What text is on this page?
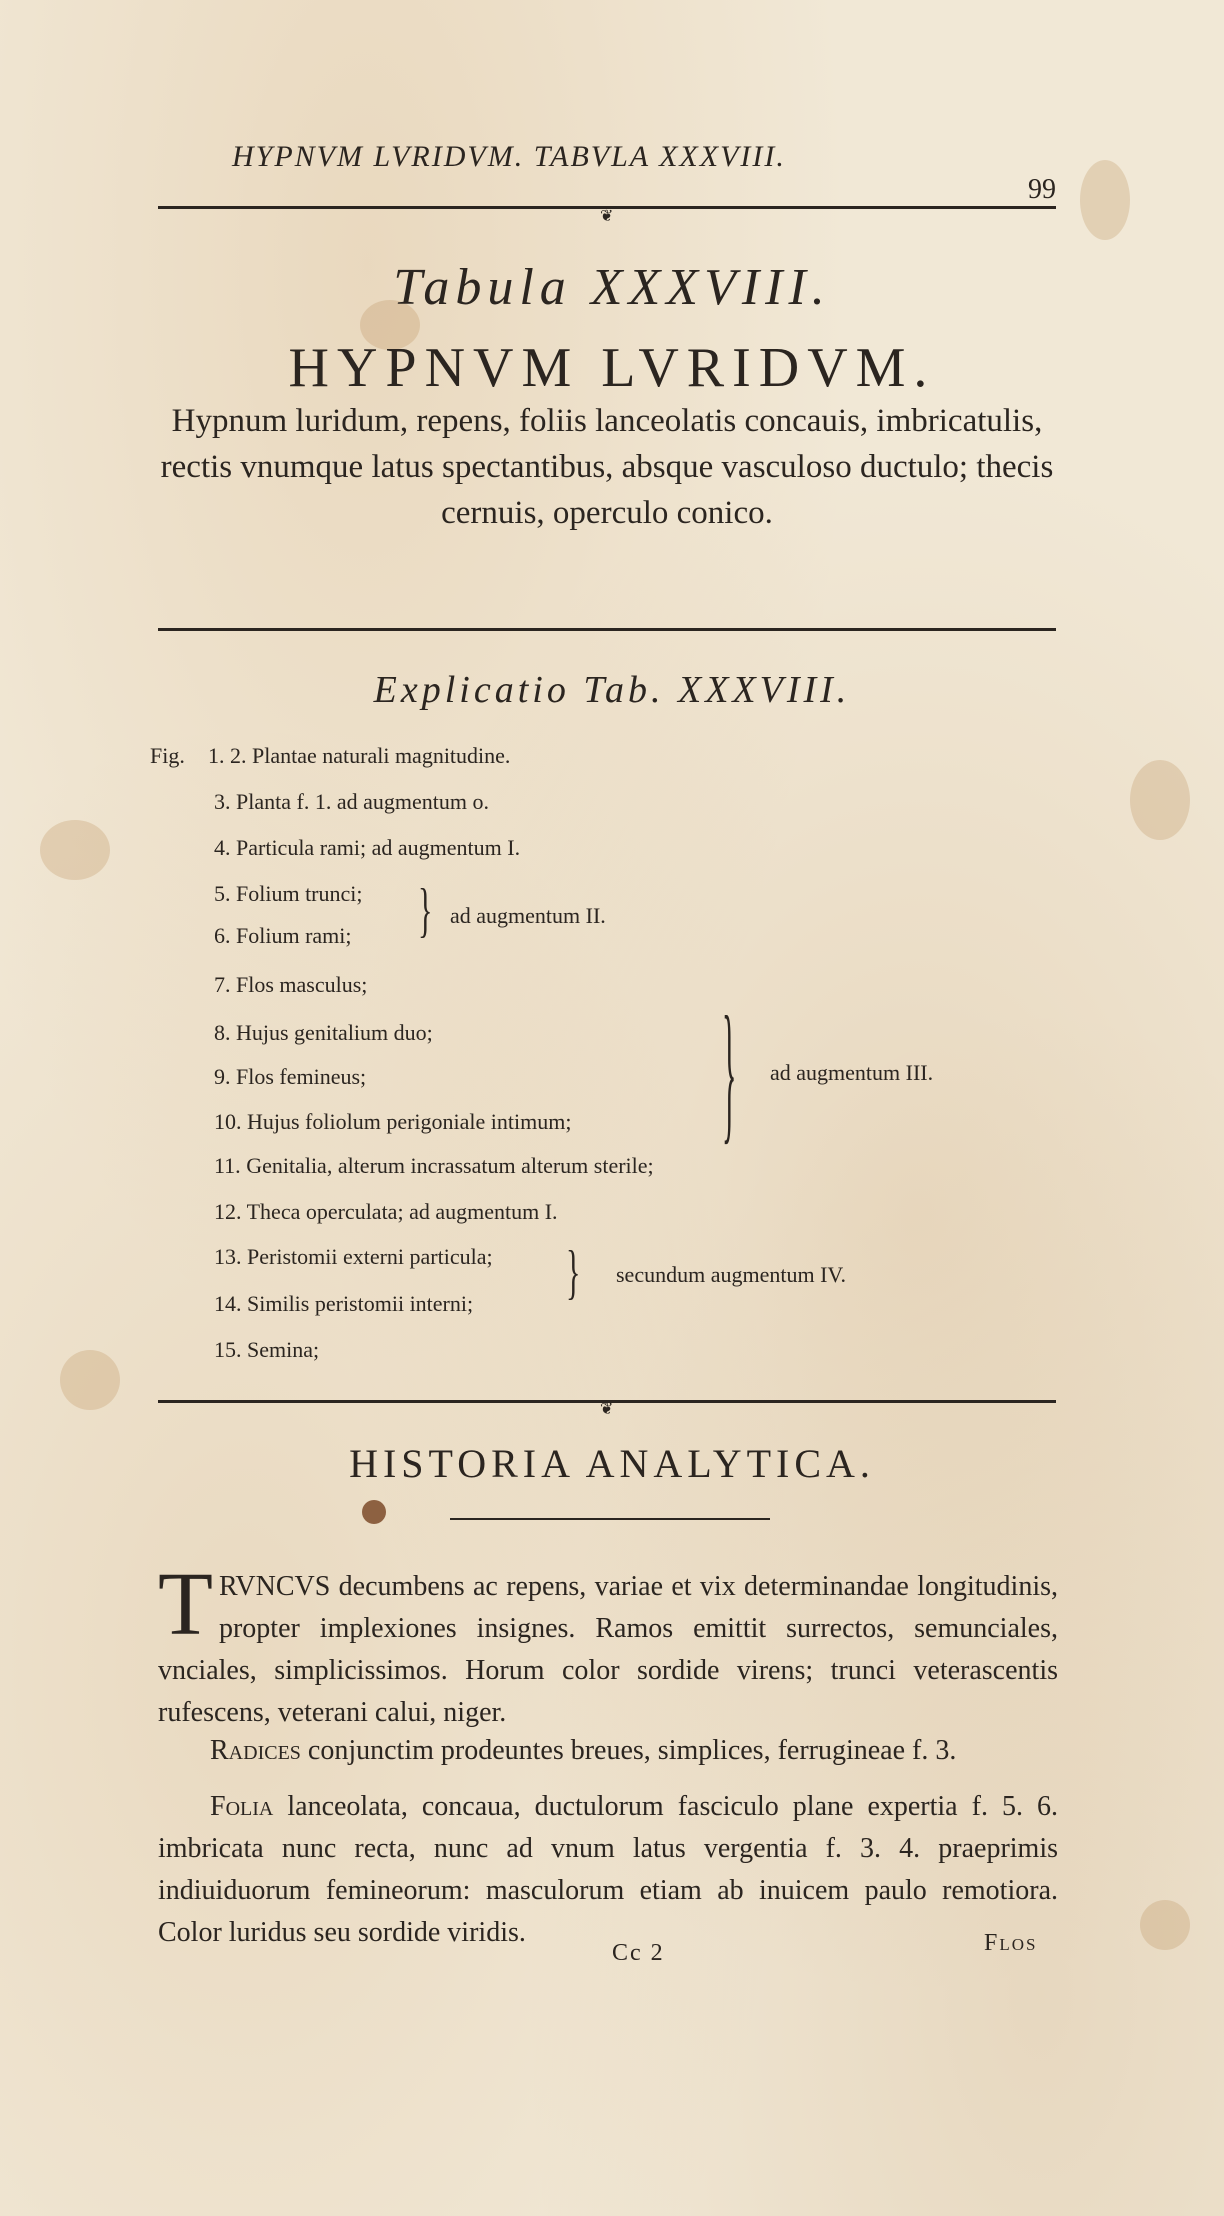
HYPNVM LVRIDVM. TABVLA XXXVIII.
99
❦
Tabula XXXVIII.
HYPNVM LVRIDVM.
Hypnum luridum, repens, foliis lanceolatis concauis, imbricatulis, rectis vnumque latus spectantibus, absque vasculoso ductulo; thecis cernuis, operculo conico.
Explicatio Tab. XXXVIII.
Fig. 1. 2. Plantae naturali magnitudine.
3. Planta f. 1. ad augmentum o.
4. Particula rami; ad augmentum I.
5. Folium trunci;
6. Folium rami; } ad augmentum II.
7. Flos masculus;
8. Hujus genitalium duo;
9. Flos femineus;
10. Hujus foliolum perigoniale intimum;
11. Genitalia, alterum incrassatum alterum sterile;
} ad augmentum III.
12. Theca operculata; ad augmentum I.
13. Peristomii externi particula;
14. Similis peristomii interni;	} secundum augmentum IV.
15. Semina;
❦
HISTORIA ANALYTICA.
TRVNCVS decumbens ac repens, variae et vix determinandae longitudinis, propter implexiones insignes. Ramos emittit surrectos, semunciales, vnciales, simplicissimos. Horum color sordide virens; trunci veterascentis rufescens, veterani calui, niger.
Radices conjunctim prodeuntes breues, simplices, ferrugineae f. 3.
Folia lanceolata, concaua, ductulorum fasciculo plane expertia f. 5. 6. imbricata nunc recta, nunc ad vnum latus vergentia f. 3. 4. praeprimis indiuiduorum femineorum: masculorum etiam ab inuicem paulo remotiora. Color luridus seu sordide viridis.
Cc 2	Flos
